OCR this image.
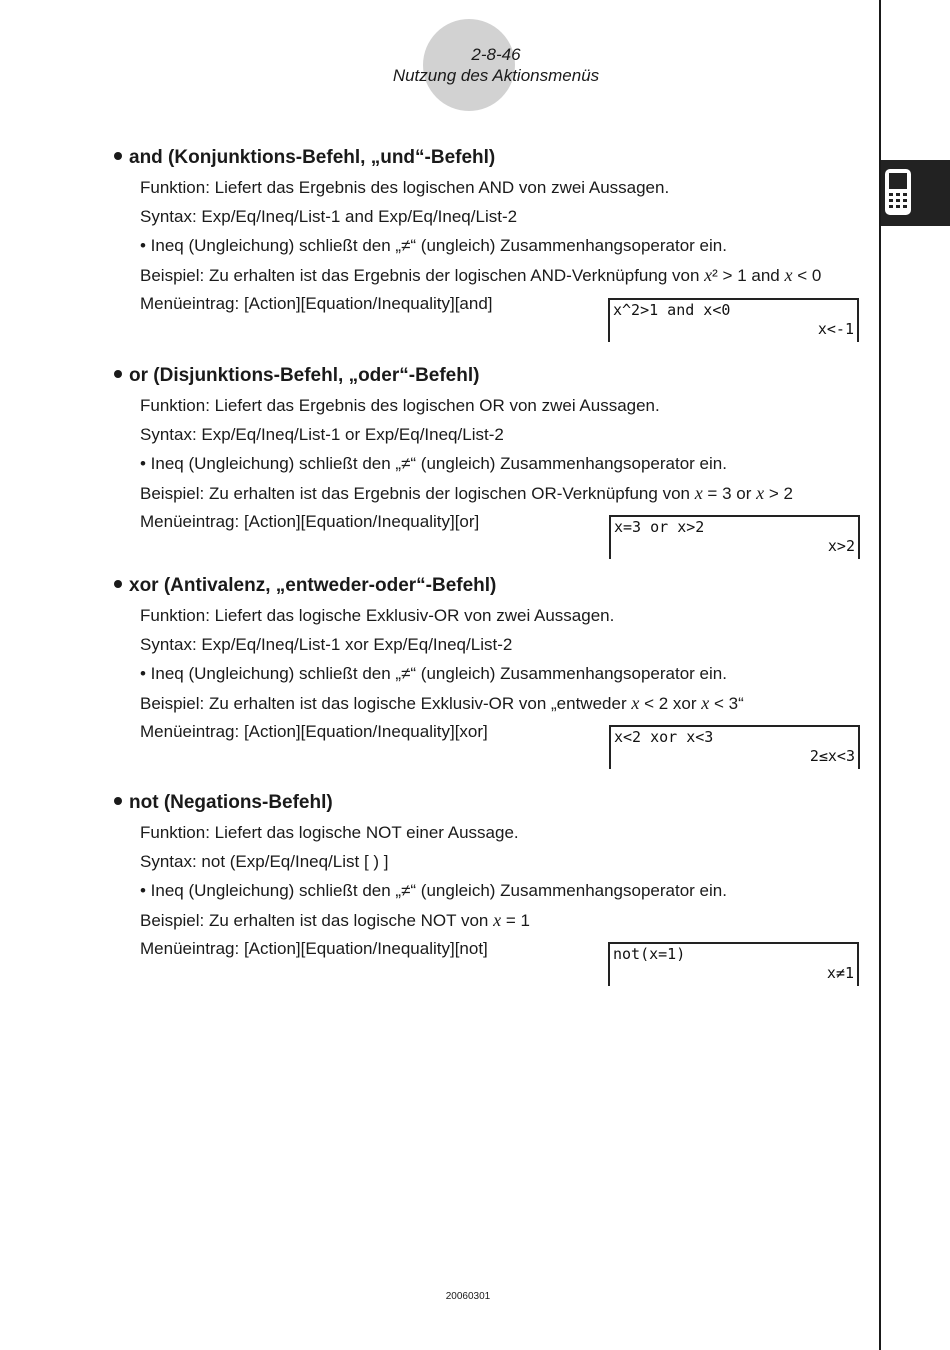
2-8-46
Nutzung des Aktionsmenüs
and (Konjunktions-Befehl, „und“-Befehl)
Funktion: Liefert das Ergebnis des logischen AND von zwei Aussagen.
Syntax: Exp/Eq/Ineq/List-1 and Exp/Eq/Ineq/List-2
• Ineq (Ungleichung) schließt den „≠“ (ungleich) Zusammenhangsoperator ein.
Beispiel: Zu erhalten ist das Ergebnis der logischen AND-Verknüpfung von x² > 1 and x < 0
Menüeintrag: [Action][Equation/Inequality][and]	x^2>1 and x<0
x<-1
or (Disjunktions-Befehl, „oder“-Befehl)
Funktion: Liefert das Ergebnis des logischen OR von zwei Aussagen.
Syntax: Exp/Eq/Ineq/List-1 or Exp/Eq/Ineq/List-2
• Ineq (Ungleichung) schließt den „≠“ (ungleich) Zusammenhangsoperator ein.
Beispiel: Zu erhalten ist das Ergebnis der logischen OR-Verknüpfung von x = 3 or x > 2
Menüeintrag: [Action][Equation/Inequality][or]	x=3 or x>2
x>2
xor (Antivalenz, „entweder-oder“-Befehl)
Funktion: Liefert das logische Exklusiv-OR von zwei Aussagen.
Syntax: Exp/Eq/Ineq/List-1 xor Exp/Eq/Ineq/List-2
• Ineq (Ungleichung) schließt den „≠“ (ungleich) Zusammenhangsoperator ein.
Beispiel: Zu erhalten ist das logische Exklusiv-OR von „entweder x < 2 xor x < 3“
Menüeintrag: [Action][Equation/Inequality][xor]	x<2 xor x<3
2≤x<3
not (Negations-Befehl)
Funktion: Liefert das logische NOT einer Aussage.
Syntax: not (Exp/Eq/Ineq/List [ ) ]
• Ineq (Ungleichung) schließt den „≠“ (ungleich) Zusammenhangsoperator ein.
Beispiel: Zu erhalten ist das logische NOT von x = 1
Menüeintrag: [Action][Equation/Inequality][not]	not(x=1)
x≠1
20060301
